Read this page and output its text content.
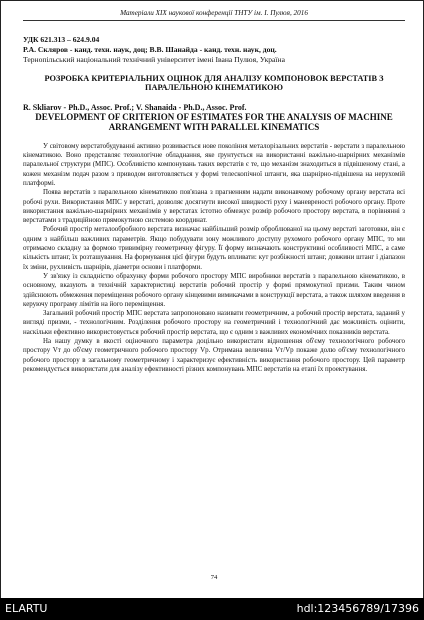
Матеріали ХІХ наукової конференції ТНТУ ім. І. Пулюя, 2016
УДК 621.313 – 624.9.04
Р.А. Скляров - канд. техн. наук, доц; В.В. Шанайда - канд. техн. наук, доц.
Тернопільський національний технічний університет імені Івана Пулюя, Україна
РОЗРОБКА КРИТЕРІАЛЬНИХ ОЦІНОК ДЛЯ АНАЛІЗУ КОМПОНОВОК ВЕРСТАТІВ З ПАРАЛЕЛЬНОЮ КІНЕМАТИКОЮ
R. Skliarov - Ph.D., Assoc. Prof.; V. Shanaida - Ph.D., Assoc. Prof.
DEVELOPMENT OF CRITERION OF ESTIMATES FOR THE ANALYSIS OF MACHINE ARRANGEMENT WITH PARALLEL KINEMATICS

У світовому верстатобудуванні активно розвивається нове покоління металорізальних верстатів - верстати з паралельною кінематикою. Воно представляє технологічне обладнання, яке ґрунтується на використанні важільно-шарнірних механізмів паралельної структури (МПС). Особливістю компонувань таких верстатів є те, що механізм знаходиться в підвішеному стані, а кожен механізм подач разом з приводом виготовляється у формі телескопічної штанги, яка шарнірно-підвішена на нерухомій платформі.

Поява верстатів з паралельною кінематикою пов'язана з прагненням надати виконавчому робочому органу верстата всі робочі рухи. Використання МПС у верстаті, дозволяє досягнути високої швидкості руху і маневреності робочого органу. Проте використання важільно-шарнірних механізмів у верстатах істотно обмежує розмір робочого простору верстата, в порівнянні з верстатами з традиційною прямокутною системою координат.

Робочий простір металообробного верстата визначає найбільший розмір оброблюваної на цьому верстаті заготовки, він є одним з найбільш важливих параметрів. Якщо побудувати зону можливого доступу рухомого робочого органу МПС, то ми отримаємо складну за формою тривимірну геометричну фігуру. Її форму визначають конструктивні особливості МПС, а саме кількість штанг, їх розташування. На формування цієї фігури будуть впливати: кут розбіжності штанг, довжини штанг і діапазон їх зміни, рухливість шарнірів, діаметри основи і платформи.

У зв'язку із складністю обрахунку форми робочого простору МПС виробники верстатів з паралельною кінематикою, в основному, вказують в технічній характеристиці верстатів робочий простір у формі прямокутної призми. Таким чином здійснюють обмеження переміщення робочого органу кінцевими вимикачами в конструкції верстата, а також шляхом введення в керуючу програму лімітів на його переміщення.

Загальний робочий простір МПС верстата запропоновано називати геометричним, а робочий простір верстата, заданий у вигляді призми, - технологічним. Розділення робочого простору на геометричний і технологічний дає можливість оцінити, наскільки ефективно використовується робочий простір верстата, що є одним з важливих економічних показників верстата.

На нашу думку в якості оціночного параметра доцільно використати відношення об'єму технологічного робочого простору Vт до об'єму геометричного робочого простору Vр. Отримана величина Vт/Vр покаже долю об'єму технологічного робочого простору в загальному геометричному і характеризує ефективність використання робочого простору. Цей параметр рекомендується використати для аналізу ефективності різних компонувань МПС верстатів на етапі їх проектування.

74
ELARTU	hdl:123456789/17396
